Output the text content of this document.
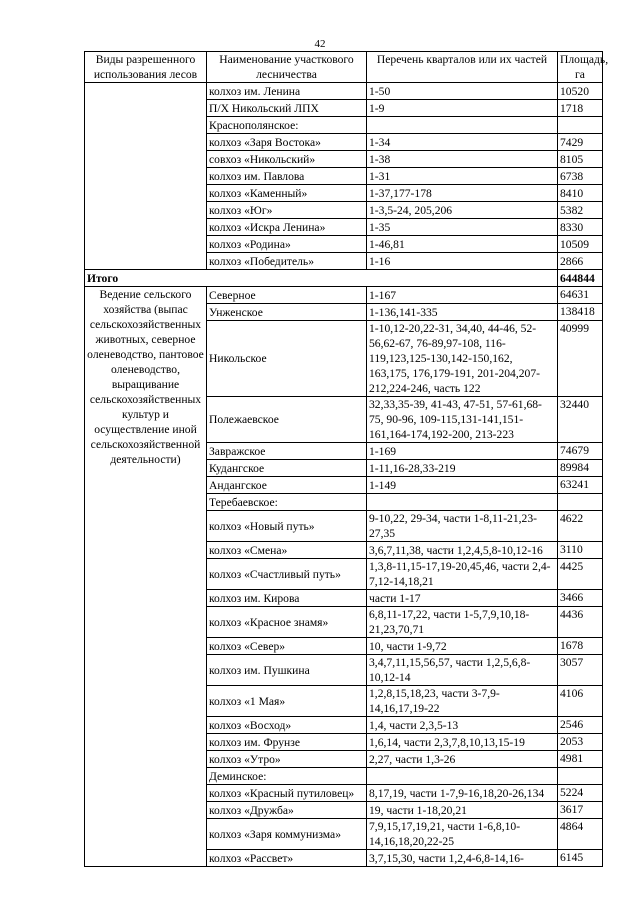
42
Виды разрешенного использования лесов	Наименование участкового лесничества	Перечень кварталов или их частей	Площадь, га
	колхоз им. Ленина	1-50	10520
	П/Х Никольский ЛПХ	1-9	1718
	Краснополянское:		
	колхоз «Заря Востока»	1-34	7429
	совхоз «Никольский»	1-38	8105
	колхоз им. Павлова	1-31	6738
	колхоз «Каменный»	1-37,177-178	8410
	колхоз «Юг»	1-3,5-24, 205,206	5382
	колхоз «Искра Ленина»	1-35	8330
	колхоз «Родина»	1-46,81	10509
	колхоз «Победитель»	1-16	2866
Итого			644844
Ведение сельского хозяйства (выпас сельскохозяйственных животных, северное оленеводство, пантовое оленеводство, выращивание сельскохозяйственных культур и осуществление иной сельскохозяйственной деятельности)	Северное	1-167	64631
	Унженское	1-136,141-335	138418
	Никольское	1-10,12-20,22-31, 34,40, 44-46, 52-56,62-67, 76-89,97-108, 116-119,123,125-130,142-150,162, 163,175, 176,179-191, 201-204,207-212,224-246, часть 122	40999
	Полежаевское	32,33,35-39, 41-43, 47-51, 57-61,68-75, 90-96, 109-115,131-141,151-161,164-174,192-200, 213-223	32440
	Завражское	1-169	74679
	Кудангское	1-11,16-28,33-219	89984
	Андангское	1-149	63241
	Теребаевское:		
	колхоз «Новый путь»	9-10,22, 29-34, части 1-8,11-21,23-27,35	4622
	колхоз «Смена»	3,6,7,11,38, части 1,2,4,5,8-10,12-16	3110
	колхоз «Счастливый путь»	1,3,8-11,15-17,19-20,45,46, части 2,4-7,12-14,18,21	4425
	колхоз им. Кирова	части 1-17	3466
	колхоз «Красное знамя»	6,8,11-17,22, части 1-5,7,9,10,18-21,23,70,71	4436
	колхоз «Север»	10, части 1-9,72	1678
	колхоз им. Пушкина	3,4,7,11,15,56,57, части 1,2,5,6,8-10,12-14	3057
	колхоз «1 Мая»	1,2,8,15,18,23, части 3-7,9-14,16,17,19-22	4106
	колхоз «Восход»	1,4, части 2,3,5-13	2546
	колхоз им. Фрунзе	1,6,14, части 2,3,7,8,10,13,15-19	2053
	колхоз «Утро»	2,27, части 1,3-26	4981
	Деминское:		
	колхоз «Красный путиловец»	8,17,19, части 1-7,9-16,18,20-26,134	5224
	колхоз «Дружба»	19, части 1-18,20,21	3617
	колхоз «Заря коммунизма»	7,9,15,17,19,21, части 1-6,8,10-14,16,18,20,22-25	4864
	колхоз «Рассвет»	3,7,15,30, части 1,2,4-6,8-14,16-	6145
